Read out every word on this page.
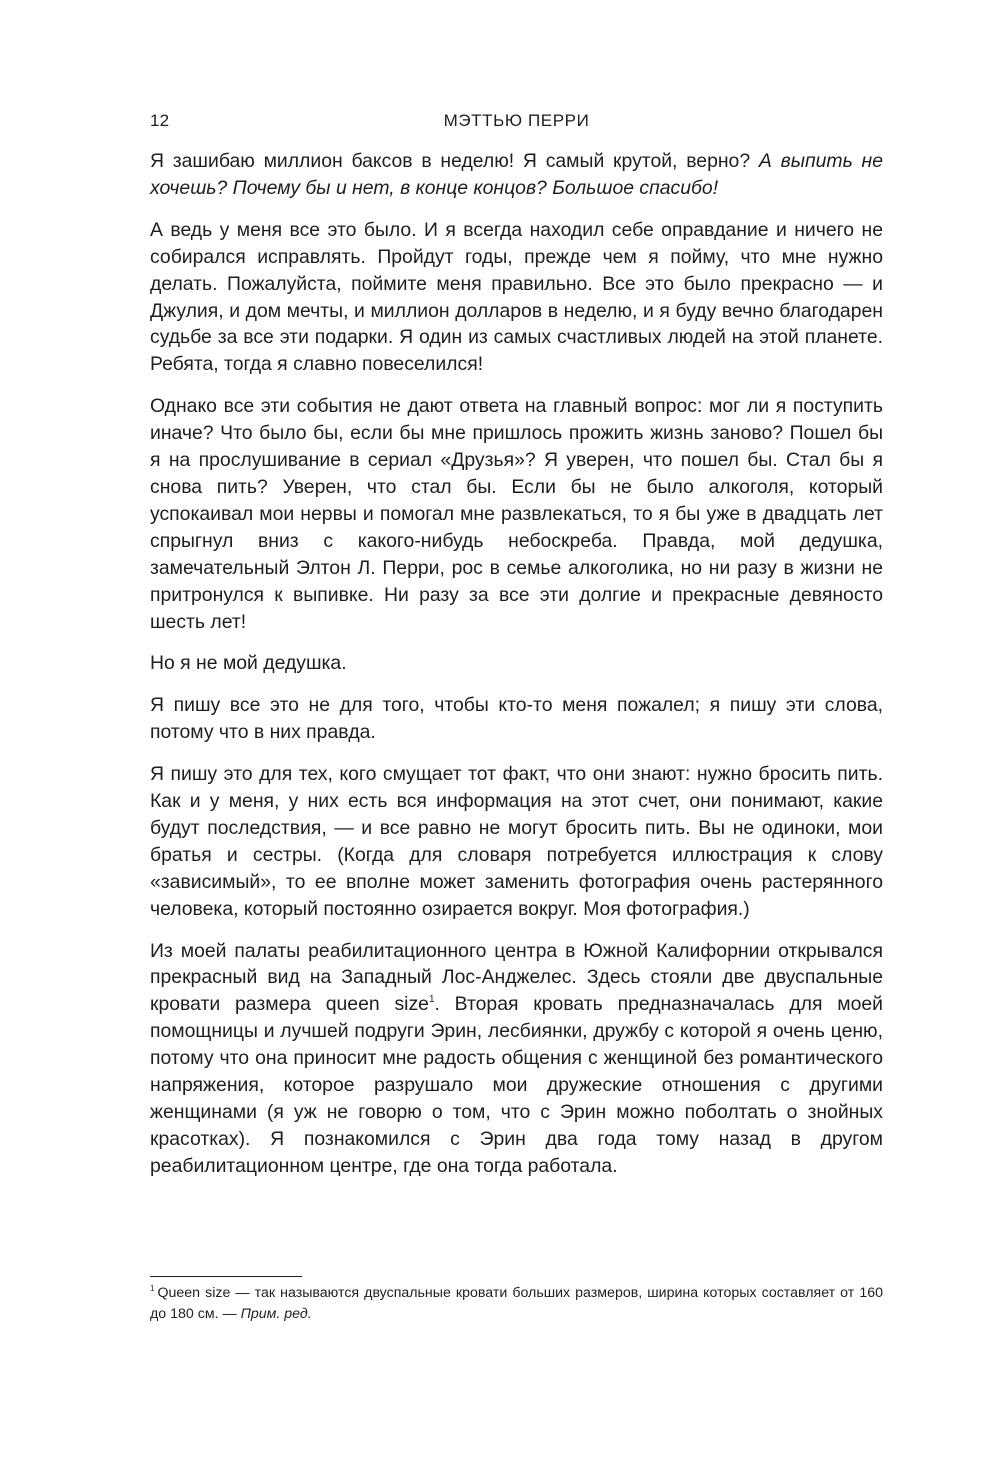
12	МЭТТЬЮ ПЕРРИ

Я зашибаю миллион баксов в неделю! Я самый крутой, верно? А выпить не хочешь? Почему бы и нет, в конце концов? Большое спасибо!

А ведь у меня все это было. И я всегда находил себе оправдание и ничего не собирался исправлять. Пройдут годы, прежде чем я пойму, что мне нужно делать. Пожалуйста, поймите меня правильно. Все это было прекрасно — и Джулия, и дом мечты, и миллион долларов в неделю, и я буду вечно благодарен судьбе за все эти подарки. Я один из самых счастливых людей на этой планете. Ребята, тогда я славно повеселился!

Однако все эти события не дают ответа на главный вопрос: мог ли я поступить иначе? Что было бы, если бы мне пришлось прожить жизнь заново? Пошел бы я на прослушивание в сериал «Друзья»? Я уверен, что пошел бы. Стал бы я снова пить? Уверен, что стал бы. Если бы не было алкоголя, который успокаивал мои нервы и помогал мне развлекаться, то я бы уже в двадцать лет спрыгнул вниз с какого-нибудь небоскреба. Правда, мой дедушка, замечательный Элтон Л. Перри, рос в семье алкоголика, но ни разу в жизни не притронулся к выпивке. Ни разу за все эти долгие и прекрасные девяносто шесть лет!

Но я не мой дедушка.

Я пишу все это не для того, чтобы кто-то меня пожалел; я пишу эти слова, потому что в них правда.

Я пишу это для тех, кого смущает тот факт, что они знают: нужно бросить пить. Как и у меня, у них есть вся информация на этот счет, они понимают, какие будут последствия, — и все равно не могут бросить пить. Вы не одиноки, мои братья и сестры. (Когда для словаря потребуется иллюстрация к слову «зависимый», то ее вполне может заменить фотография очень растерянного человека, который постоянно озирается вокруг. Моя фотография.)

Из моей палаты реабилитационного центра в Южной Калифорнии открывался прекрасный вид на Западный Лос-Анджелес. Здесь стояли две двуспальные кровати размера queen size$^1$. Вторая кровать предназначалась для моей помощницы и лучшей подруги Эрин, лесбиянки, дружбу с которой я очень ценю, потому что она приносит мне радость общения с женщиной без романтического напряжения, которое разрушало мои дружеские отношения с другими женщинами (я уж не говорю о том, что с Эрин можно поболтать о знойных красотках). Я познакомился с Эрин два года тому назад в другом реабилитационном центре, где она тогда работала.

$^1$ Queen size — так называются двуспальные кровати больших размеров, ширина которых составляет от 160 до 180 см. — Прим. ред.
